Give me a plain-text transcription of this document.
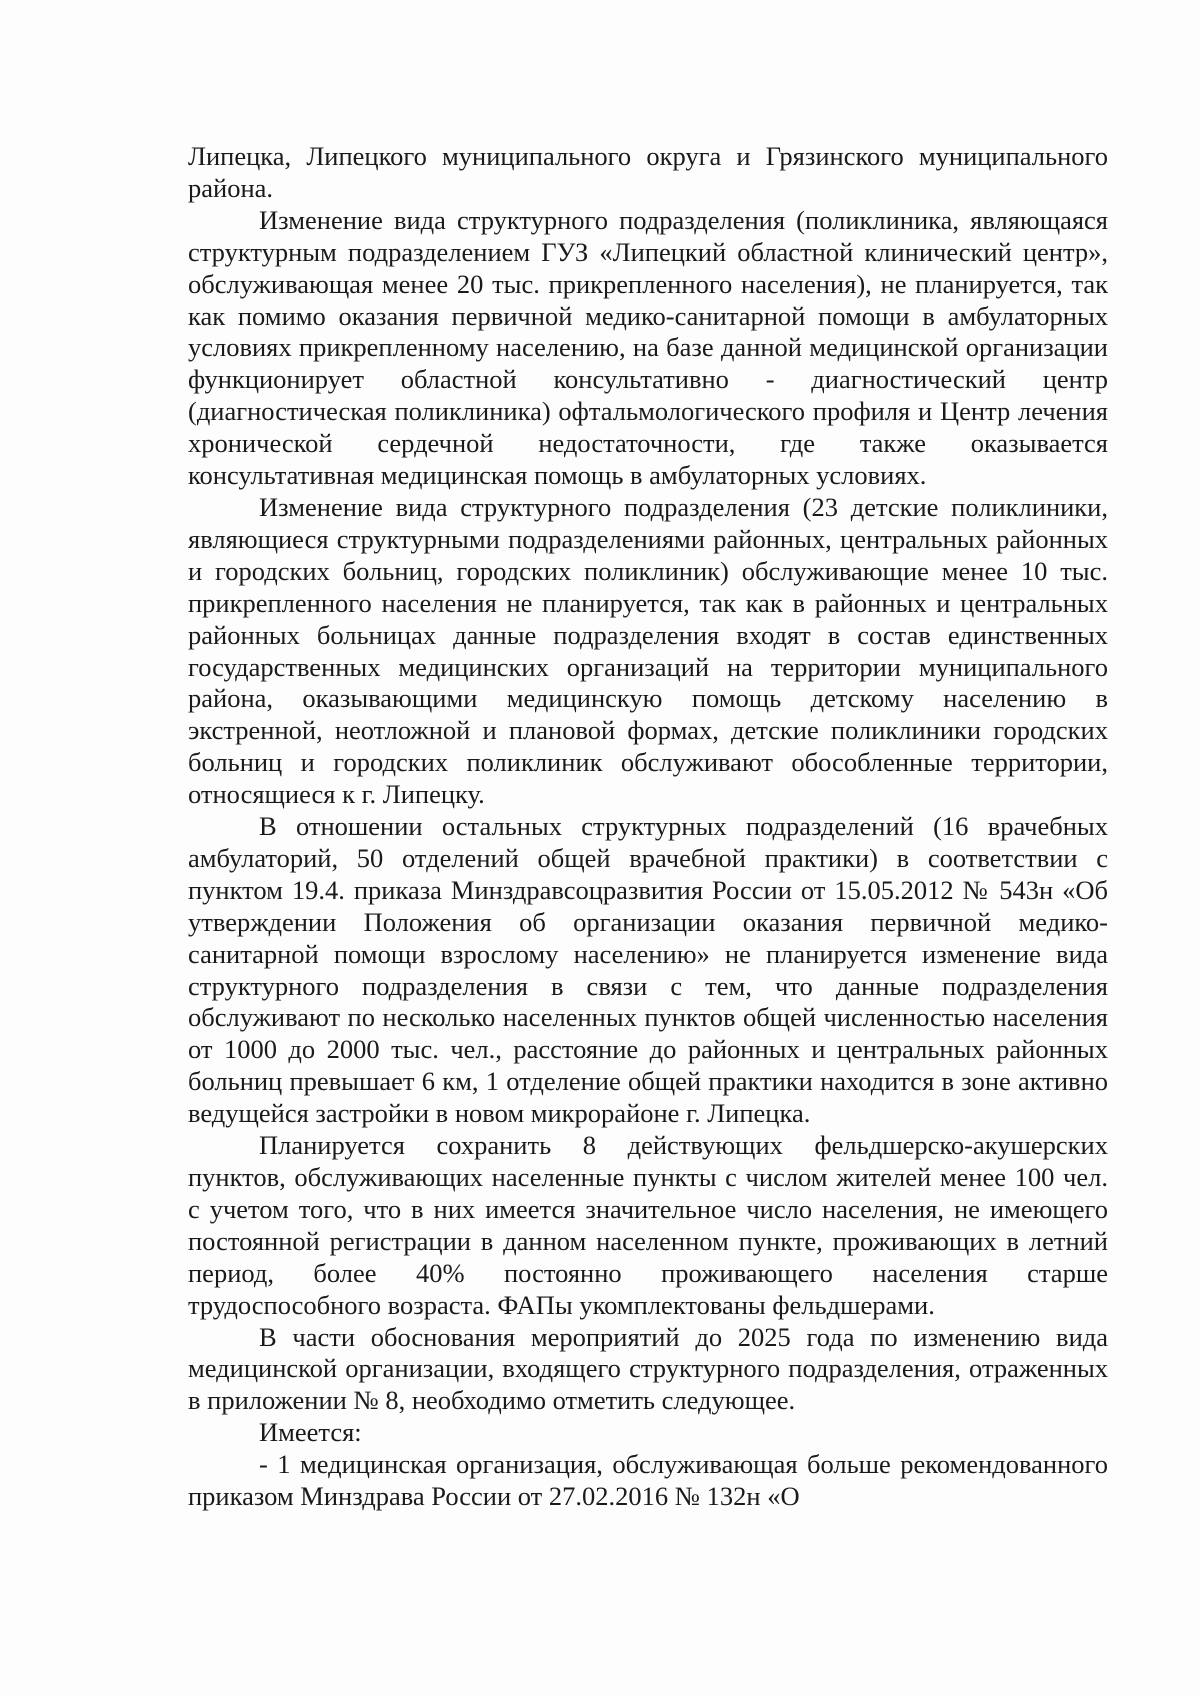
Липецка, Липецкого муниципального округа и Грязинского муниципального района.

Изменение вида структурного подразделения (поликлиника, являющаяся структурным подразделением ГУЗ «Липецкий областной клинический центр», обслуживающая менее 20 тыс. прикрепленного населения), не планируется, так как помимо оказания первичной медико-санитарной помощи в амбулаторных условиях прикрепленному населению, на базе данной медицинской организации функционирует областной консультативно - диагностический центр (диагностическая поликлиника) офтальмологического профиля и Центр лечения хронической сердечной недостаточности, где также оказывается консультативная медицинская помощь в амбулаторных условиях.

Изменение вида структурного подразделения (23 детские поликлиники, являющиеся структурными подразделениями районных, центральных районных и городских больниц, городских поликлиник) обслуживающие менее 10 тыс. прикрепленного населения не планируется, так как в районных и центральных районных больницах данные подразделения входят в состав единственных государственных медицинских организаций на территории муниципального района, оказывающими медицинскую помощь детскому населению в экстренной, неотложной и плановой формах, детские поликлиники городских больниц и городских поликлиник обслуживают обособленные территории, относящиеся к г. Липецку.

В отношении остальных структурных подразделений (16 врачебных амбулаторий, 50 отделений общей врачебной практики) в соответствии с пунктом 19.4. приказа Минздравсоцразвития России от 15.05.2012 № 543н «Об утверждении Положения об организации оказания первичной медико-санитарной помощи взрослому населению» не планируется изменение вида структурного подразделения в связи с тем, что данные подразделения обслуживают по несколько населенных пунктов общей численностью населения от 1000 до 2000 тыс. чел., расстояние до районных и центральных районных больниц превышает 6 км, 1 отделение общей практики находится в зоне активно ведущейся застройки в новом микрорайоне г. Липецка.

Планируется сохранить 8 действующих фельдшерско-акушерских пунктов, обслуживающих населенные пункты с числом жителей менее 100 чел. с учетом того, что в них имеется значительное число населения, не имеющего постоянной регистрации в данном населенном пункте, проживающих в летний период, более 40% постоянно проживающего населения старше трудоспособного возраста. ФАПы укомплектованы фельдшерами.

В части обоснования мероприятий до 2025 года по изменению вида медицинской организации, входящего структурного подразделения, отраженных в приложении № 8, необходимо отметить следующее.

Имеется:

- 1 медицинская организация, обслуживающая больше рекомендованного приказом Минздрава России от 27.02.2016 № 132н «О
